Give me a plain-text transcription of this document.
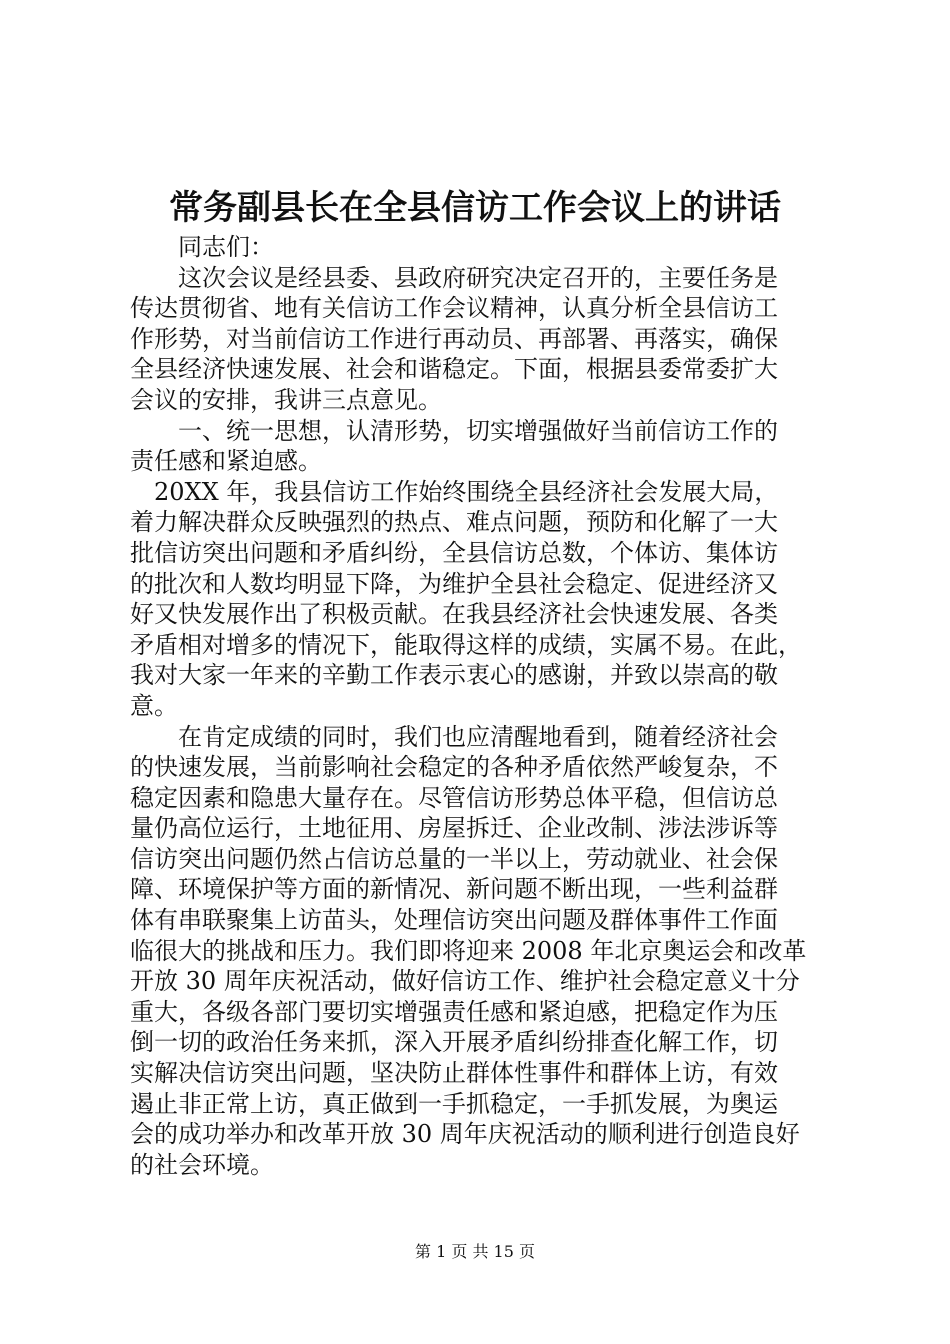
常务副县长在全县信访工作会议上的讲话
　　同志们：
　　这次会议是经县委、县政府研究决定召开的，主要任务是
传达贯彻省、地有关信访工作会议精神，认真分析全县信访工
作形势，对当前信访工作进行再动员、再部署、再落实，确保
全县经济快速发展、社会和谐稳定。下面，根据县委常委扩大
会议的安排，我讲三点意见。
　　一、统一思想，认清形势，切实增强做好当前信访工作的
责任感和紧迫感。
　20XX 年，我县信访工作始终围绕全县经济社会发展大局，
着力解决群众反映强烈的热点、难点问题，预防和化解了一大
批信访突出问题和矛盾纠纷，全县信访总数，个体访、集体访
的批次和人数均明显下降，为维护全县社会稳定、促进经济又
好又快发展作出了积极贡献。在我县经济社会快速发展、各类
矛盾相对增多的情况下，能取得这样的成绩，实属不易。在此，
我对大家一年来的辛勤工作表示衷心的感谢，并致以崇高的敬
意。
　　在肯定成绩的同时，我们也应清醒地看到，随着经济社会
的快速发展，当前影响社会稳定的各种矛盾依然严峻复杂，不
稳定因素和隐患大量存在。尽管信访形势总体平稳，但信访总
量仍高位运行，土地征用、房屋拆迁、企业改制、涉法涉诉等
信访突出问题仍然占信访总量的一半以上，劳动就业、社会保
障、环境保护等方面的新情况、新问题不断出现，一些利益群
体有串联聚集上访苗头，处理信访突出问题及群体事件工作面
临很大的挑战和压力。我们即将迎来 2008 年北京奥运会和改革
开放 30 周年庆祝活动，做好信访工作、维护社会稳定意义十分
重大，各级各部门要切实增强责任感和紧迫感，把稳定作为压
倒一切的政治任务来抓，深入开展矛盾纠纷排查化解工作，切
实解决信访突出问题，坚决防止群体性事件和群体上访，有效
遏止非正常上访，真正做到一手抓稳定，一手抓发展，为奥运
会的成功举办和改革开放 30 周年庆祝活动的顺利进行创造良好
的社会环境。
第 1 页 共 15 页
